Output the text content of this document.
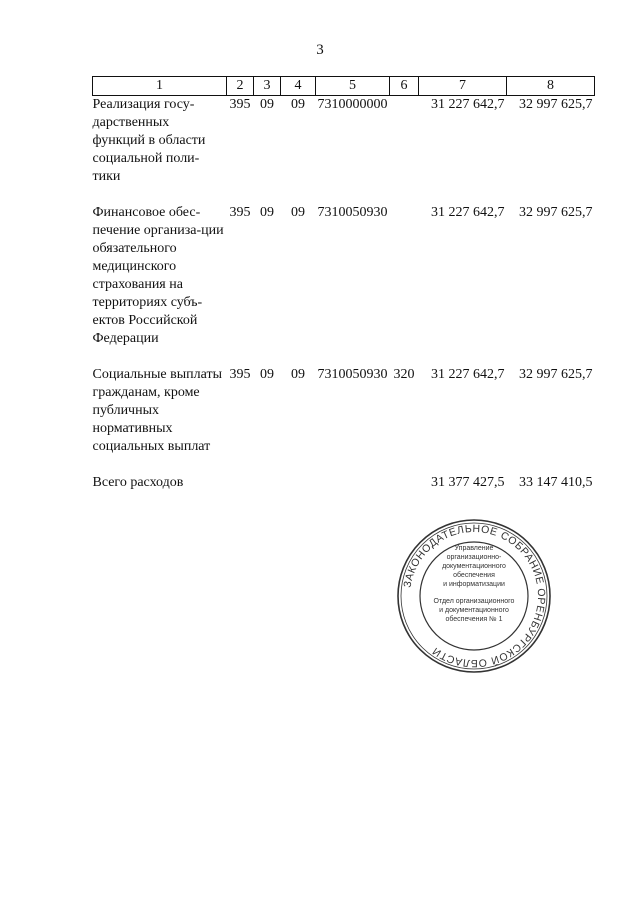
3
1	2	3	4	5	6	7	8
Реализация госу-дарственных функций в области социальной поли-тики	395	09	09	7310000000		31 227 642,7	32 997 625,7

Финансовое обес-печение организа-ции обязательного медицинского страхования на территориях субъ-ектов Российской Федерации	395	09	09	7310050930		31 227 642,7	32 997 625,7

Социальные выплаты гражданам, кроме публичных нормативных социальных выплат	395	09	09	7310050930	320	31 227 642,7	32 997 625,7

Всего расходов						31 377 427,5	33 147 410,5
ЗАКОНОДАТЕЛЬНОЕ СОБРАНИЕ ОРЕНБУРГСКОЙ ОБЛАСТИ
Управление
организационно-
документационного
обеспечения
и информатизации
Отдел организационного
и документационного
обеспечения № 1
